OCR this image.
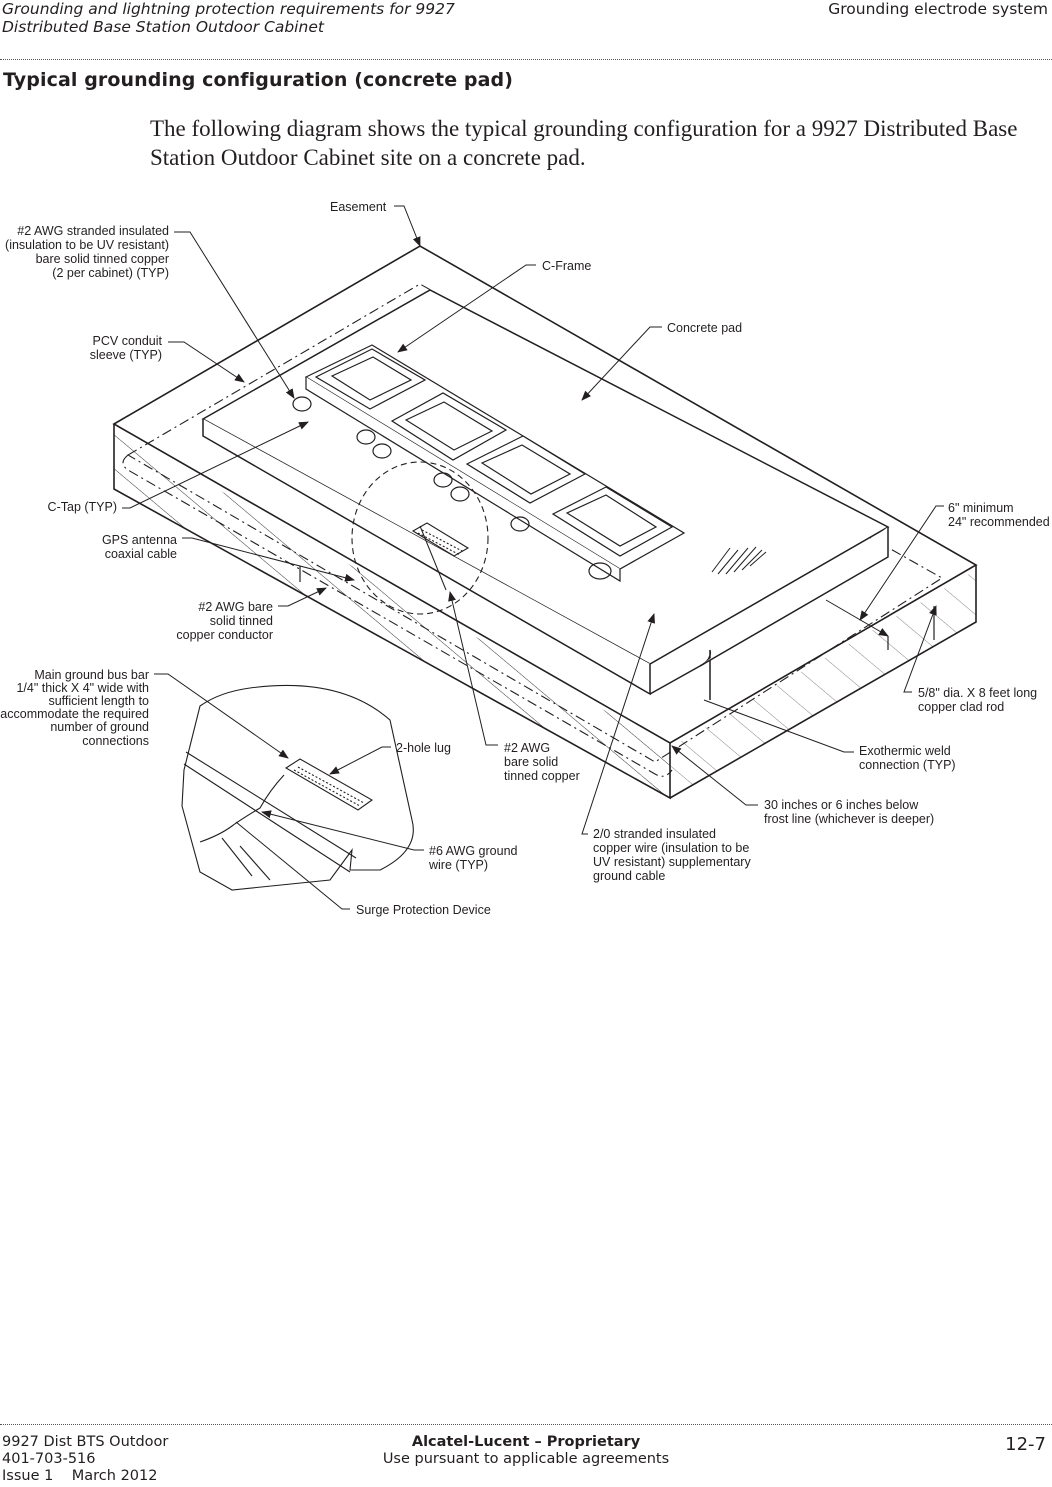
Grounding and lightning protection requirements for 9927
Distributed Base Station Outdoor Cabinet
Grounding electrode system
Typical grounding configuration (concrete pad)
The following diagram shows the typical grounding configuration for a 9927 Distributed Base Station Outdoor Cabinet site on a concrete pad.
Easement
#2 AWG stranded insulated
(insulation to be UV resistant)
bare solid tinned copper
(2 per cabinet) (TYP)	C-Frame
Concrete pad
PCV conduit
sleeve (TYP)
C-Tap (TYP)
GPS antenna
coaxial cable
#2 AWG bare
solid tinned
copper conductor
6" minimum
24" recommended
5/8" dia. X 8 feet long
copper clad rod
Main ground bus bar
1/4" thick X 4" wide with
sufficient length to
accommodate the required
number of ground
connections	2-hole lug	#2 AWG
bare solid
tinned copper
Exothermic weld
connection (TYP)
30 inches or 6 inches below
frost line (whichever is deeper)
2/0 stranded insulated
copper wire (insulation to be
UV resistant) supplementary
ground cable
#6 AWG ground
wire (TYP)
Surge Protection Device
9927 Dist BTS Outdoor
401-703-516
Issue 1    March 2012
Alcatel-Lucent – Proprietary
Use pursuant to applicable agreements
12-7
